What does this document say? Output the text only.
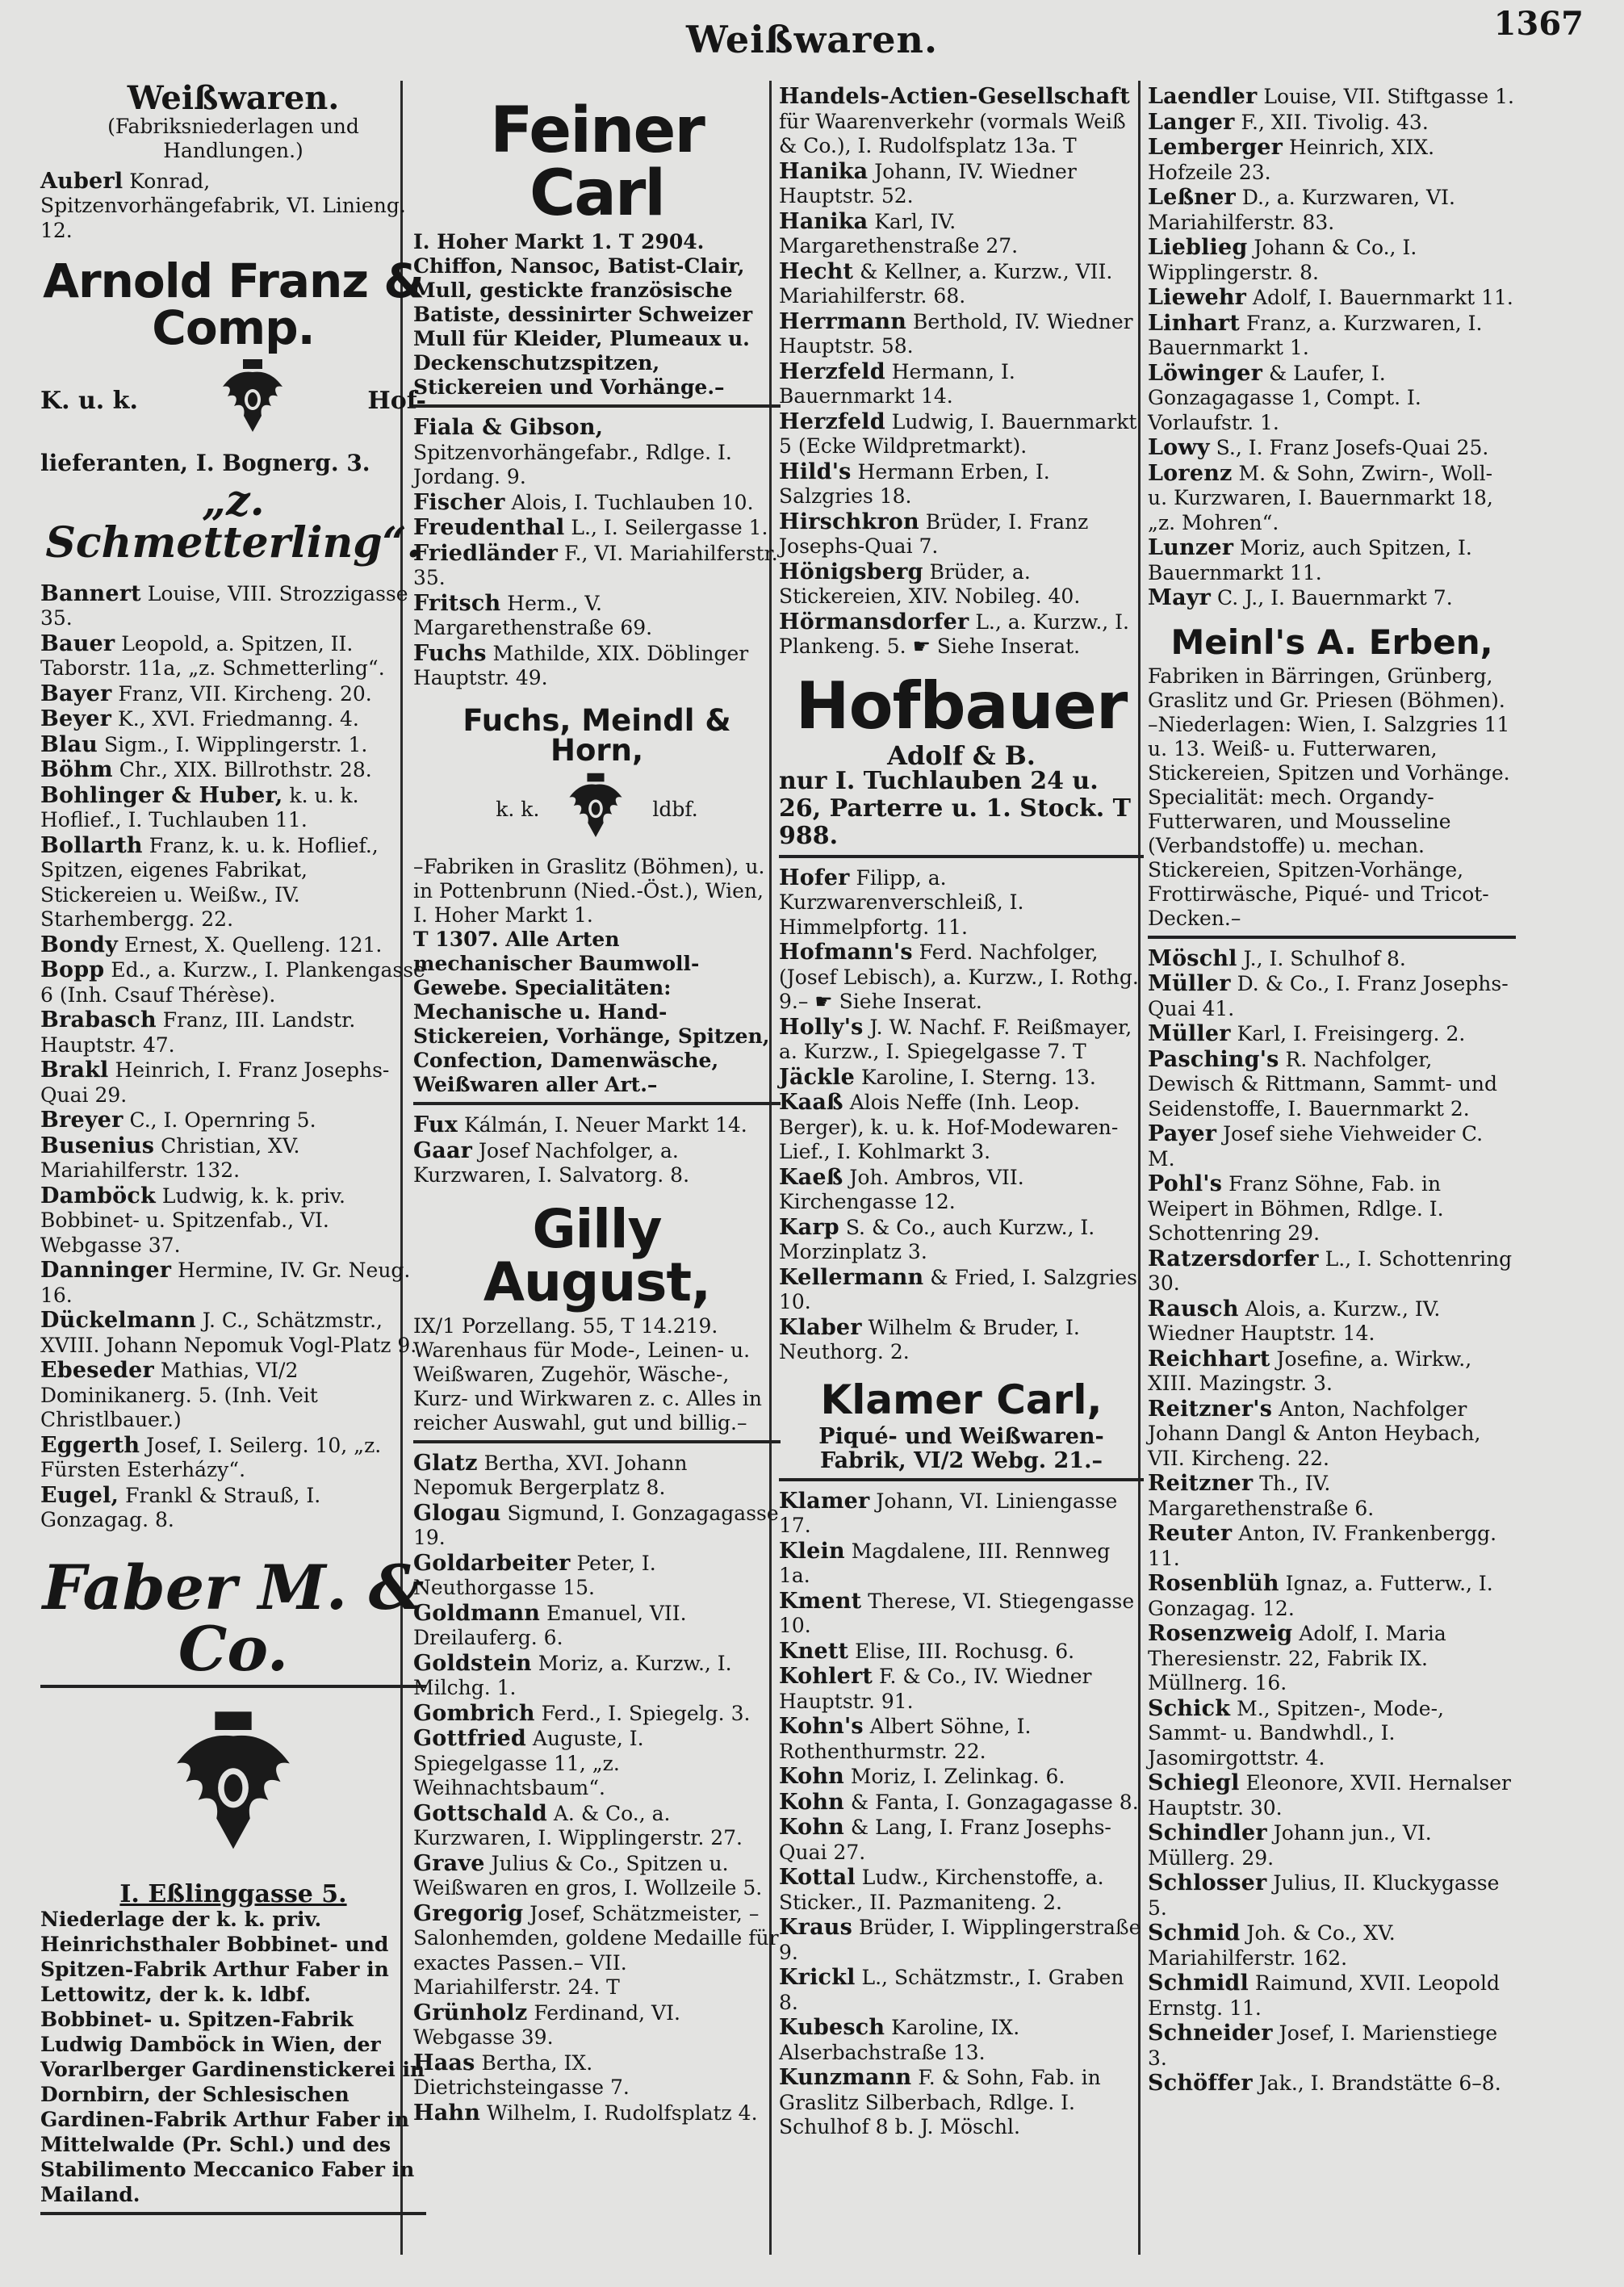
Weißwaren.	1367
Weißwaren.
(Fabriksniederlagen und Handlungen.)
Auberl Konrad, Spitzenvorhängefabrik, VI. Linieng. 12.
Arnold Franz & Comp.
K. u. k.	Hof-
lieferanten, I. Bognerg. 3.
„z. Schmetterling“.
Bannert Louise, VIII. Strozzigasse 35.
Bauer Leopold, a. Spitzen, II. Taborstr. 11a, „z. Schmetterling“.
Bayer Franz, VII. Kircheng. 20.
Beyer K., XVI. Friedmanng. 4.
Blau Sigm., I. Wipplingerstr. 1.
Böhm Chr., XIX. Billrothstr. 28.
Bohlinger & Huber, k. u. k. Hoflief., I. Tuchlauben 11.
Bollarth Franz, k. u. k. Hoflief., Spitzen, eigenes Fabrikat, Stickereien u. Weißw., IV. Starhembergg. 22.
Bondy Ernest, X. Quelleng. 121.
Bopp Ed., a. Kurzw., I. Plankengasse 6 (Inh. Csauf Thérèse).
Brabasch Franz, III. Landstr. Hauptstr. 47.
Brakl Heinrich, I. Franz Josephs-Quai 29.
Breyer C., I. Opernring 5.
Busenius Christian, XV. Mariahilferstr. 132.
Damböck Ludwig, k. k. priv. Bobbinet- u. Spitzenfab., VI. Webgasse 37.
Danninger Hermine, IV. Gr. Neug. 16.
Dückelmann J. C., Schätzmstr., XVIII. Johann Nepomuk Vogl-Platz 9.
Ebeseder Mathias, VI/2 Dominikanerg. 5. (Inh. Veit Christlbauer.)
Eggerth Josef, I. Seilerg. 10, „z. Fürsten Esterházy“.
Eugel, Frankl & Strauß, I. Gonzagag. 8.
Faber M. & Co.
I. Eßlinggasse 5.
Niederlage der k. k. priv. Heinrichsthaler Bobbinet- und Spitzen-Fabrik Arthur Faber in Lettowitz, der k. k. ldbf. Bobbinet- u. Spitzen-Fabrik Ludwig Damböck in Wien, der Vorarlberger Gardinenstickerei in Dornbirn, der Schlesischen Gardinen-Fabrik Arthur Faber in Mittelwalde (Pr. Schl.) und des Stabilimento Meccanico Faber in Mailand.
Feiner Carl
I. Hoher Markt 1. T 2904. Chiffon, Nansoc, Batist-Clair, Mull, gestickte französische Batiste, dessinirter Schweizer Mull für Kleider, Plumeaux u. Deckenschutzspitzen, Stickereien und Vorhänge.–
Fiala & Gibson, Spitzenvorhängefabr., Rdlge. I. Jordang. 9.
Fischer Alois, I. Tuchlauben 10.
Freudenthal L., I. Seilergasse 1.
Friedländer F., VI. Mariahilferstr. 35.
Fritsch Herm., V. Margarethenstraße 69.
Fuchs Mathilde, XIX. Döblinger Hauptstr. 49.
Fuchs, Meindl & Horn,
k. k.	ldbf.
–Fabriken in Graslitz (Böhmen), u. in Pottenbrunn (Nied.-Öst.), Wien, I. Hoher Markt 1.
T 1307. Alle Arten mechanischer Baumwoll-Gewebe. Specialitäten: Mechanische u. Hand-Stickereien, Vorhänge, Spitzen, Confection, Damenwäsche, Weißwaren aller Art.–
Fux Kálmán, I. Neuer Markt 14.
Gaar Josef Nachfolger, a. Kurzwaren, I. Salvatorg. 8.
Gilly August,
IX/1 Porzellang. 55, T 14.219. Warenhaus für Mode-, Leinen- u. Weißwaren, Zugehör, Wäsche-, Kurz- und Wirkwaren z. c. Alles in reicher Auswahl, gut und billig.–
Glatz Bertha, XVI. Johann Nepomuk Bergerplatz 8.
Glogau Sigmund, I. Gonzagagasse 19.
Goldarbeiter Peter, I. Neuthorgasse 15.
Goldmann Emanuel, VII. Dreilauferg. 6.
Goldstein Moriz, a. Kurzw., I. Milchg. 1.
Gombrich Ferd., I. Spiegelg. 3.
Gottfried Auguste, I. Spiegelgasse 11, „z. Weihnachtsbaum“.
Gottschald A. & Co., a. Kurzwaren, I. Wipplingerstr. 27.
Grave Julius & Co., Spitzen u. Weißwaren en gros, I. Wollzeile 5.
Gregorig Josef, Schätzmeister, –Salonhemden, goldene Medaille für exactes Passen.– VII. Mariahilferstr. 24. T
Grünholz Ferdinand, VI. Webgasse 39.
Haas Bertha, IX. Dietrichsteingasse 7.
Hahn Wilhelm, I. Rudolfsplatz 4.
Handels-Actien-Gesellschaft für Waarenverkehr (vormals Weiß & Co.), I. Rudolfsplatz 13a. T
Hanika Johann, IV. Wiedner Hauptstr. 52.
Hanika Karl, IV. Margarethenstraße 27.
Hecht & Kellner, a. Kurzw., VII. Mariahilferstr. 68.
Herrmann Berthold, IV. Wiedner Hauptstr. 58.
Herzfeld Hermann, I. Bauernmarkt 14.
Herzfeld Ludwig, I. Bauernmarkt 5 (Ecke Wildpretmarkt).
Hild's Hermann Erben, I. Salzgries 18.
Hirschkron Brüder, I. Franz Josephs-Quai 7.
Hönigsberg Brüder, a. Stickereien, XIV. Nobileg. 40.
Hörmansdorfer L., a. Kurzw., I. Plankeng. 5. ☛ Siehe Inserat.
Hofbauer
Adolf & B.
nur I. Tuchlauben 24 u. 26, Parterre u. 1. Stock. T 988.
Hofer Filipp, a. Kurzwarenverschleiß, I. Himmelpfortg. 11.
Hofmann's Ferd. Nachfolger, (Josef Lebisch), a. Kurzw., I. Rothg. 9.– ☛ Siehe Inserat.
Holly's J. W. Nachf. F. Reißmayer, a. Kurzw., I. Spiegelgasse 7. T
Jäckle Karoline, I. Sterng. 13.
Kaaß Alois Neffe (Inh. Leop. Berger), k. u. k. Hof-Modewaren-Lief., I. Kohlmarkt 3.
Kaeß Joh. Ambros, VII. Kirchengasse 12.
Karp S. & Co., auch Kurzw., I. Morzinplatz 3.
Kellermann & Fried, I. Salzgries 10.
Klaber Wilhelm & Bruder, I. Neuthorg. 2.
Klamer Carl,
Piqué- und Weißwaren-Fabrik, VI/2 Webg. 21.–
Klamer Johann, VI. Liniengasse 17.
Klein Magdalene, III. Rennweg 1a.
Kment Therese, VI. Stiegengasse 10.
Knett Elise, III. Rochusg. 6.
Kohlert F. & Co., IV. Wiedner Hauptstr. 91.
Kohn's Albert Söhne, I. Rothenthurmstr. 22.
Kohn Moriz, I. Zelinkag. 6.
Kohn & Fanta, I. Gonzagagasse 8.
Kohn & Lang, I. Franz Josephs-Quai 27.
Kottal Ludw., Kirchenstoffe, a. Sticker., II. Pazmaniteng. 2.
Kraus Brüder, I. Wipplingerstraße 9.
Krickl L., Schätzmstr., I. Graben 8.
Kubesch Karoline, IX. Alserbachstraße 13.
Kunzmann F. & Sohn, Fab. in Graslitz Silberbach, Rdlge. I. Schulhof 8 b. J. Möschl.
Laendler Louise, VII. Stiftgasse 1.
Langer F., XII. Tivolig. 43.
Lemberger Heinrich, XIX. Hofzeile 23.
Leßner D., a. Kurzwaren, VI. Mariahilferstr. 83.
Lieblieg Johann & Co., I. Wipplingerstr. 8.
Liewehr Adolf, I. Bauernmarkt 11.
Linhart Franz, a. Kurzwaren, I. Bauernmarkt 1.
Löwinger & Laufer, I. Gonzagagasse 1, Compt. I. Vorlaufstr. 1.
Lowy S., I. Franz Josefs-Quai 25.
Lorenz M. & Sohn, Zwirn-, Woll- u. Kurzwaren, I. Bauernmarkt 18, „z. Mohren“.
Lunzer Moriz, auch Spitzen, I. Bauernmarkt 11.
Mayr C. J., I. Bauernmarkt 7.
Meinl's A. Erben,
Fabriken in Bärringen, Grünberg, Graslitz und Gr. Priesen (Böhmen). –Niederlagen: Wien, I. Salzgries 11 u. 13. Weiß- u. Futterwaren, Stickereien, Spitzen und Vorhänge. Specialität: mech. Organdy-Futterwaren, und Mousseline (Verbandstoffe) u. mechan. Stickereien, Spitzen-Vorhänge, Frottirwäsche, Piqué- und Tricot-Decken.–
Möschl J., I. Schulhof 8.
Müller D. & Co., I. Franz Josephs-Quai 41.
Müller Karl, I. Freisingerg. 2.
Pasching's R. Nachfolger, Dewisch & Rittmann, Sammt- und Seidenstoffe, I. Bauernmarkt 2.
Payer Josef siehe Viehweider C. M.
Pohl's Franz Söhne, Fab. in Weipert in Böhmen, Rdlge. I. Schottenring 29.
Ratzersdorfer L., I. Schottenring 30.
Rausch Alois, a. Kurzw., IV. Wiedner Hauptstr. 14.
Reichhart Josefine, a. Wirkw., XIII. Mazingstr. 3.
Reitzner's Anton, Nachfolger Johann Dangl & Anton Heybach, VII. Kircheng. 22.
Reitzner Th., IV. Margarethenstraße 6.
Reuter Anton, IV. Frankenbergg. 11.
Rosenblüh Ignaz, a. Futterw., I. Gonzagag. 12.
Rosenzweig Adolf, I. Maria Theresienstr. 22, Fabrik IX. Müllnerg. 16.
Schick M., Spitzen-, Mode-, Sammt- u. Bandwhdl., I. Jasomirgottstr. 4.
Schiegl Eleonore, XVII. Hernalser Hauptstr. 30.
Schindler Johann jun., VI. Müllerg. 29.
Schlosser Julius, II. Kluckygasse 5.
Schmid Joh. & Co., XV. Mariahilferstr. 162.
Schmidl Raimund, XVII. Leopold Ernstg. 11.
Schneider Josef, I. Marienstiege 3.
Schöffer Jak., I. Brandstätte 6–8.
